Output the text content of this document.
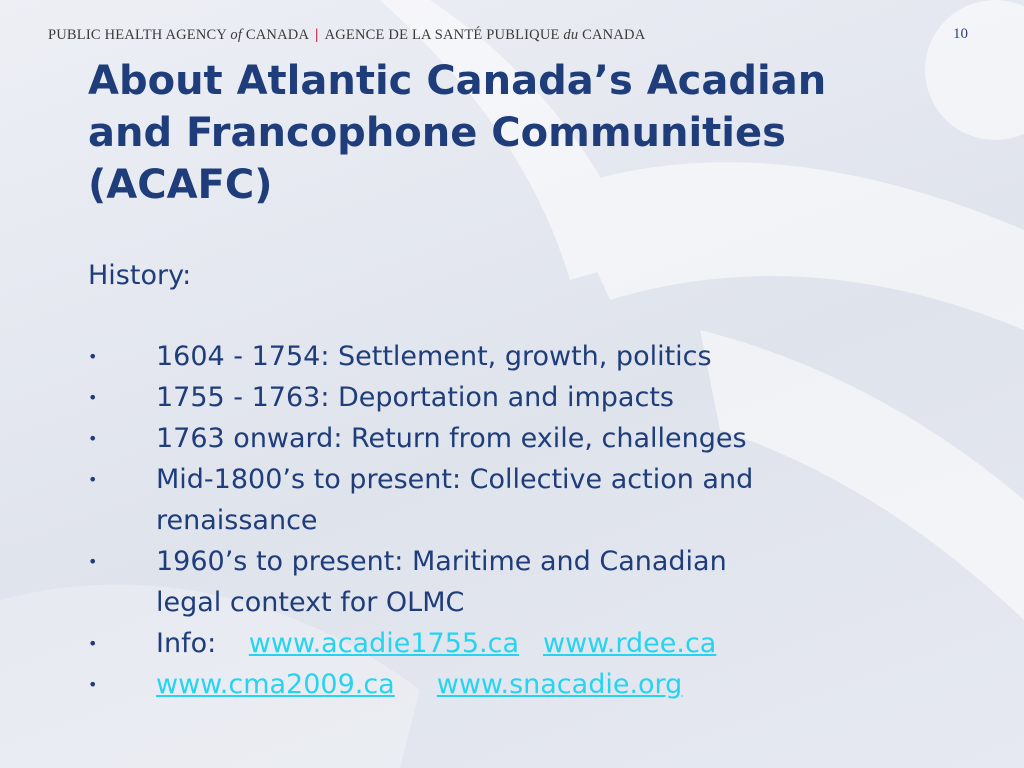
PUBLIC HEALTH AGENCY of CANADA | AGENCE DE LA SANTÉ PUBLIQUE du CANADA	10
About Atlantic Canada’s Acadian
and Francophone Communities
(ACAFC)
History:
• 1604 - 1754: Settlement, growth, politics
• 1755 - 1763: Deportation and impacts
• 1763 onward: Return from exile, challenges
• Mid-1800’s to present: Collective action and
renaissance
• 1960’s to present: Maritime and Canadian
legal context for OLMC
• Info: www.acadie1755.ca www.rdee.ca
• www.cma2009.ca www.snacadie.org
